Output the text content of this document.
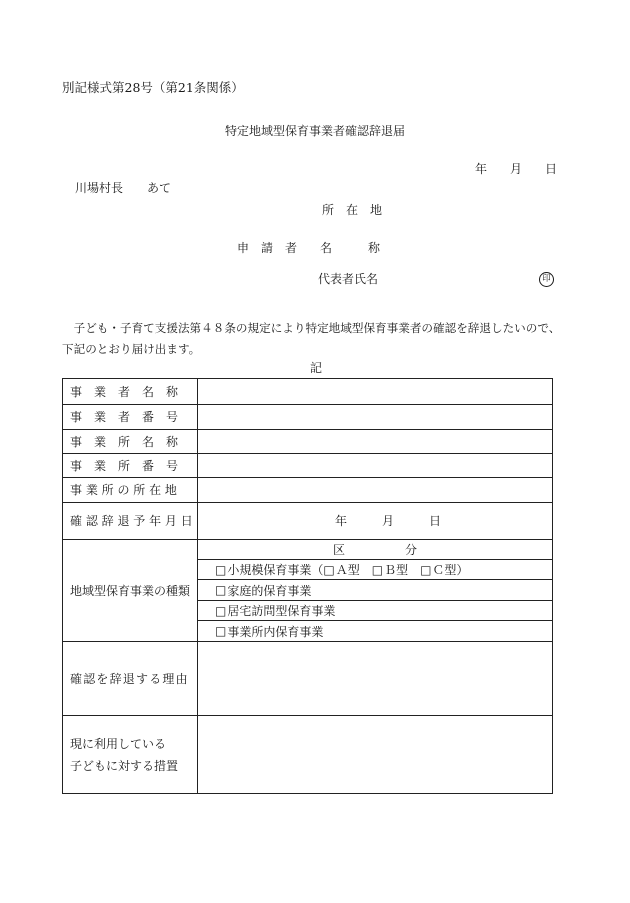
別記様式第28号（第21条関係）
特定地域型保育事業者確認辞退届
年 月 日
川場村長　　あて
所　在　地
申　請　者 名　　　称
代表者氏名	印
　子ども・子育て支援法第４８条の規定により特定地域型保育事業者の確認を辞退したいので、
下記のとおり届け出ます。
記
事　業　者　名　称
事　業　者　番　号
事　業　所　名　称
事　業　所　番　号
事 業 所 の 所 在 地
確 認 辞 退 予 年 月 日	年	月	日
地域型保育事業の種類
区　　　　　分
□ 小規模保育事業（ □ Ａ型 □ Ｂ型 □ Ｃ型 ）
□ 家庭的保育事業
□ 居宅訪問型保育事業
□ 事業所内保育事業
確認を辞退する理由
現に利用している
子どもに対する措置
